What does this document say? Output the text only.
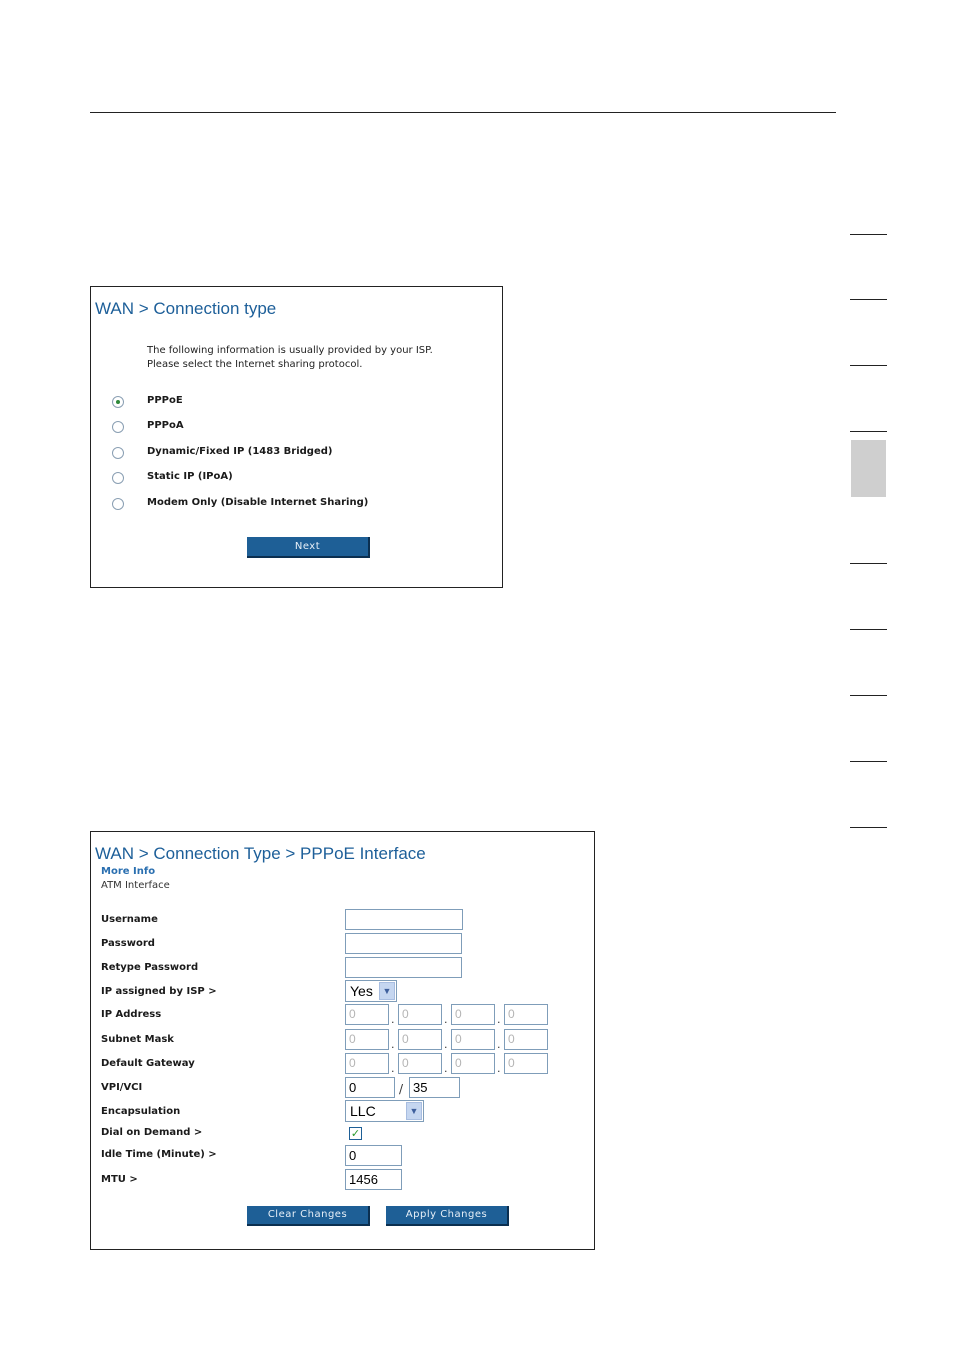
WAN > Connection type
The following information is usually provided by your ISP.
Please select the Internet sharing protocol.
PPPoE
PPPoA
Dynamic/Fixed IP (1483 Bridged)
Static IP (IPoA)
Modem Only (Disable Internet Sharing)
Next
WAN > Connection Type > PPPoE Interface
More Info
ATM Interface
Username
Password
Retype Password
IP assigned by ISP >	Yes	▼
IP Address	0	. 0	. 0	. 0
Subnet Mask	0	. 0	. 0	. 0
Default Gateway	0	. 0	. 0	. 0
VPI/VCI	0	/ 35
Encapsulation	LLC	▼
Dial on Demand >	✓
Idle Time (Minute) >	0
MTU >	1456
Clear Changes	Apply Changes
